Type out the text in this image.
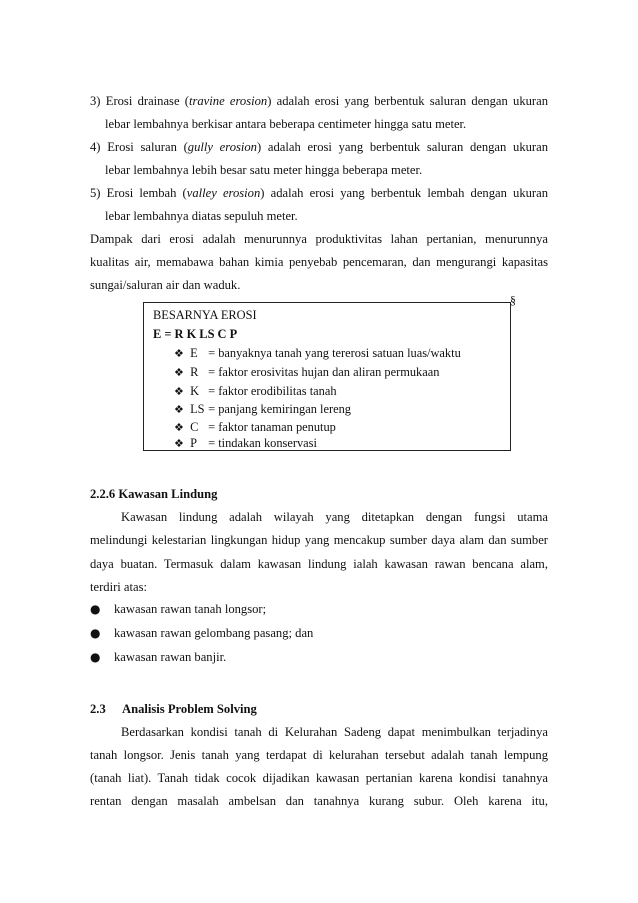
3) Erosi drainase (travine erosion) adalah erosi yang berbentuk saluran dengan ukuran
lebar lembahnya berkisar antara beberapa centimeter hingga satu meter.
4) Erosi saluran (gully erosion) adalah erosi yang berbentuk saluran dengan ukuran
lebar lembahnya lebih besar satu meter hingga beberapa meter.
5) Erosi lembah (valley erosion) adalah erosi yang berbentuk lembah dengan ukuran
lebar lembahnya diatas sepuluh meter.
Dampak dari erosi adalah menurunnya produktivitas lahan pertanian, menurunnya
kualitas air, memabawa bahan kimia penyebab pencemaran, dan mengurangi kapasitas
sungai/saluran air dan waduk.
§
BESARNYA EROSI
E = R K LS C P
❖ E = banyaknya tanah yang tererosi satuan luas/waktu
❖ R = faktor erosivitas hujan dan aliran permukaan
❖ K = faktor erodibilitas tanah
❖ LS = panjang kemiringan lereng
❖ C = faktor tanaman penutup
❖ P = tindakan konservasi
2.2.6 Kawasan Lindung
Kawasan lindung adalah wilayah yang ditetapkan dengan fungsi utama
melindungi kelestarian lingkungan hidup yang mencakup sumber daya alam dan sumber
daya buatan. Termasuk dalam kawasan lindung ialah kawasan rawan bencana alam,
terdiri atas:
● kawasan rawan tanah longsor;
● kawasan rawan gelombang pasang; dan
● kawasan rawan banjir.
2.3 Analisis Problem Solving
Berdasarkan kondisi tanah di Kelurahan Sadeng dapat menimbulkan terjadinya
tanah longsor. Jenis tanah yang terdapat di kelurahan tersebut adalah tanah lempung
(tanah liat). Tanah tidak cocok dijadikan kawasan pertanian karena kondisi tanahnya
rentan dengan masalah ambelsan dan tanahnya kurang subur. Oleh karena itu,
